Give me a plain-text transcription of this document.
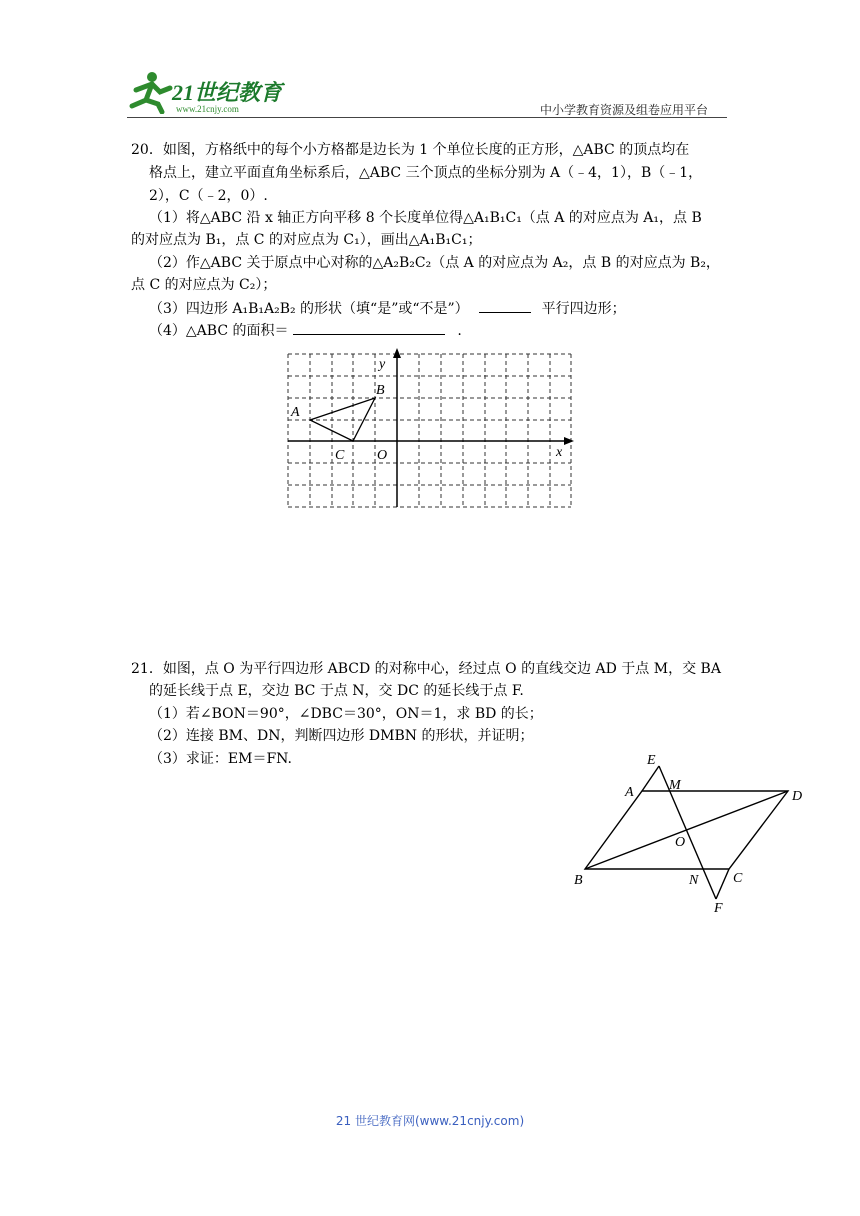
21世纪教育
www.21cnjy.com	中小学教育资源及组卷应用平台
20．如图，方格纸中的每个小方格都是边长为 1 个单位长度的正方形，△ABC 的顶点均在
格点上，建立平面直角坐标系后，△ABC 三个顶点的坐标分别为 A（﹣4，1），B（﹣1，
2），C（﹣2，0）.
（1）将△ABC 沿 x 轴正方向平移 8 个长度单位得△A₁B₁C₁（点 A 的对应点为 A₁，点 B
的对应点为 B₁，点 C 的对应点为 C₁），画出△A₁B₁C₁；
（2）作△ABC 关于原点中心对称的△A₂B₂C₂（点 A 的对应点为 A₂，点 B 的对应点为 B₂，
点 C 的对应点为 C₂）；
（3）四边形 A₁B₁A₂B₂ 的形状（填“是”或“不是”）	平行四边形；
（4）△ABC 的面积＝	.
y
x
A
B
C O
21．如图，点 O 为平行四边形 ABCD 的对称中心，经过点 O 的直线交边 AD 于点 M，交 BA
的延长线于点 E，交边 BC 于点 N，交 DC 的延长线于点 F.
（1）若∠BON＝90°，∠DBC＝30°，ON＝1，求 BD 的长；
（2）连接 BM、DN，判断四边形 DMBN 的形状，并证明；
（3）求证：EM＝FN.	E
A	M
D
O
B	N C
F
21 世纪教育网(www.21cnjy.com)
